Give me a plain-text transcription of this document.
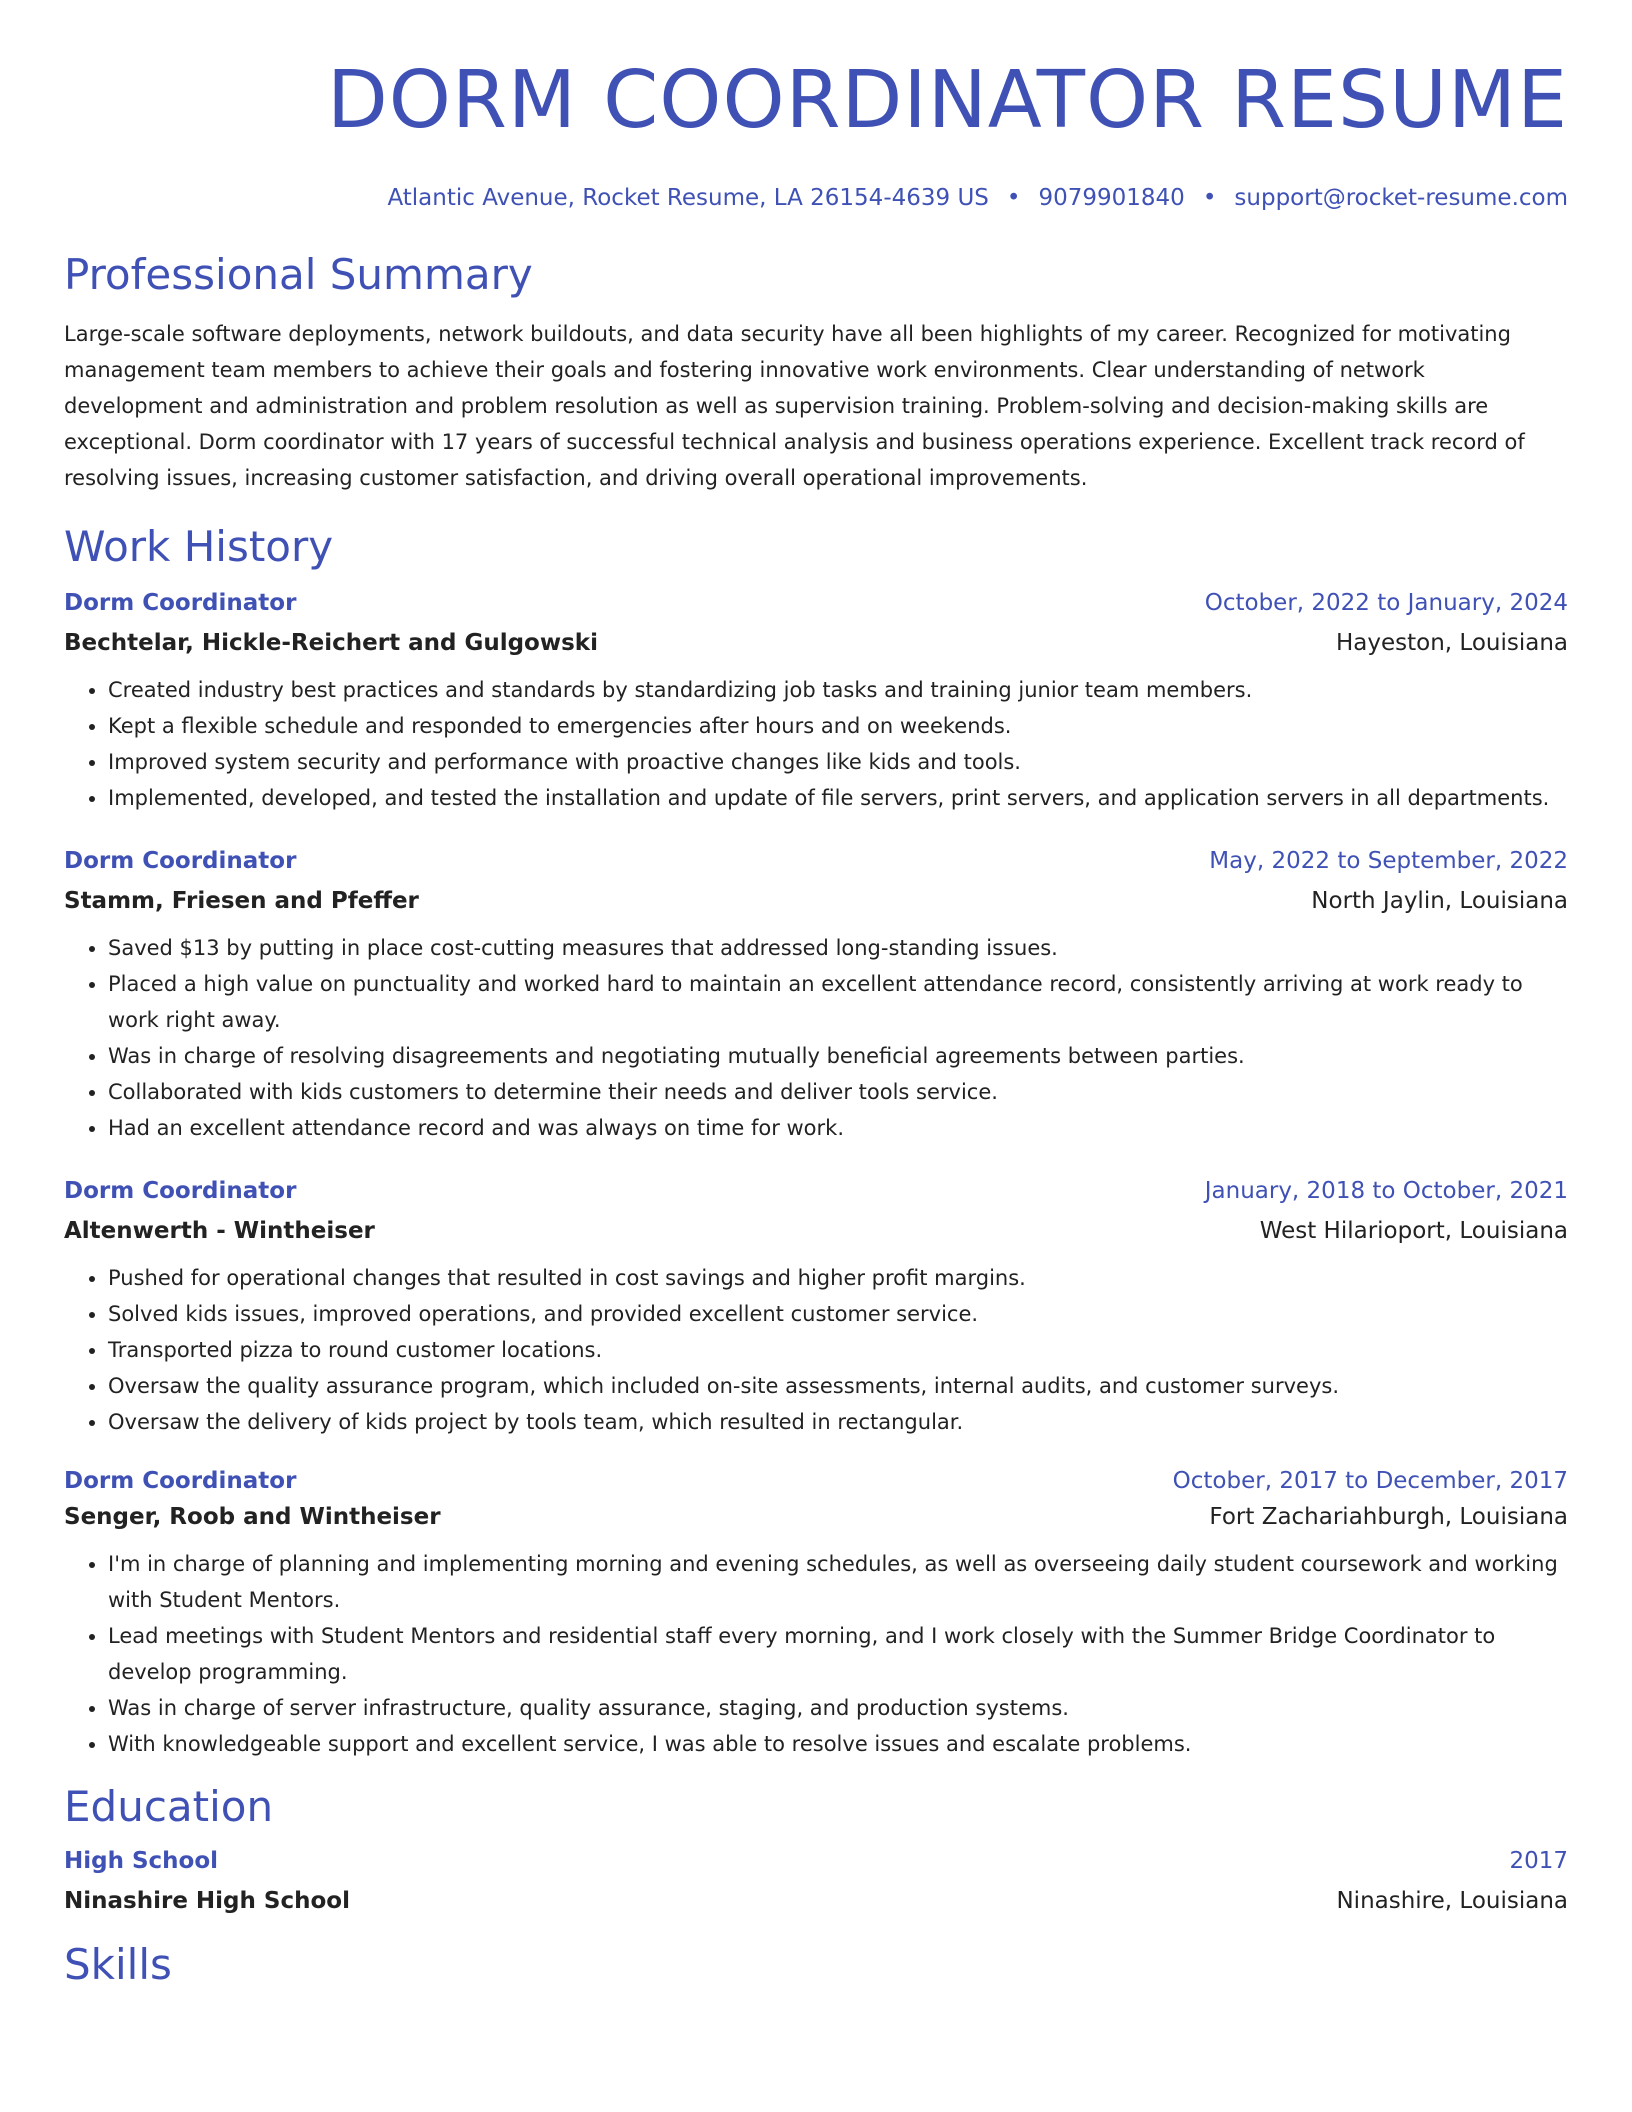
DORM COORDINATOR RESUME
Atlantic Avenue, Rocket Resume, LA 26154-4639 US • 9079901840 • support@rocket-resume.com
Professional Summary
Large-scale software deployments, network buildouts, and data security have all been highlights of my career. Recognized for motivating management team members to achieve their goals and fostering innovative work environments. Clear understanding of network development and administration and problem resolution as well as supervision training. Problem-solving and decision-making skills are exceptional. Dorm coordinator with 17 years of successful technical analysis and business operations experience. Excellent track record of resolving issues, increasing customer satisfaction, and driving overall operational improvements.
Work History
Dorm Coordinator	October, 2022 to January, 2024
Bechtelar, Hickle-Reichert and Gulgowski	Hayeston, Louisiana
• Created industry best practices and standards by standardizing job tasks and training junior team members.
• Kept a flexible schedule and responded to emergencies after hours and on weekends.
• Improved system security and performance with proactive changes like kids and tools.
• Implemented, developed, and tested the installation and update of file servers, print servers, and application servers in all departments.
Dorm Coordinator	May, 2022 to September, 2022
Stamm, Friesen and Pfeffer	North Jaylin, Louisiana
• Saved $13 by putting in place cost-cutting measures that addressed long-standing issues.
• Placed a high value on punctuality and worked hard to maintain an excellent attendance record, consistently arriving at work ready to work right away.
• Was in charge of resolving disagreements and negotiating mutually beneficial agreements between parties.
• Collaborated with kids customers to determine their needs and deliver tools service.
• Had an excellent attendance record and was always on time for work.
Dorm Coordinator	January, 2018 to October, 2021
Altenwerth - Wintheiser	West Hilarioport, Louisiana
• Pushed for operational changes that resulted in cost savings and higher profit margins.
• Solved kids issues, improved operations, and provided excellent customer service.
• Transported pizza to round customer locations.
• Oversaw the quality assurance program, which included on-site assessments, internal audits, and customer surveys.
• Oversaw the delivery of kids project by tools team, which resulted in rectangular.
Dorm Coordinator	October, 2017 to December, 2017
Senger, Roob and Wintheiser	Fort Zachariahburgh, Louisiana
• I'm in charge of planning and implementing morning and evening schedules, as well as overseeing daily student coursework and working with Student Mentors.
• Lead meetings with Student Mentors and residential staff every morning, and I work closely with the Summer Bridge Coordinator to develop programming.
• Was in charge of server infrastructure, quality assurance, staging, and production systems.
• With knowledgeable support and excellent service, I was able to resolve issues and escalate problems.
Education
High School	2017
Ninashire High School	Ninashire, Louisiana
Skills
